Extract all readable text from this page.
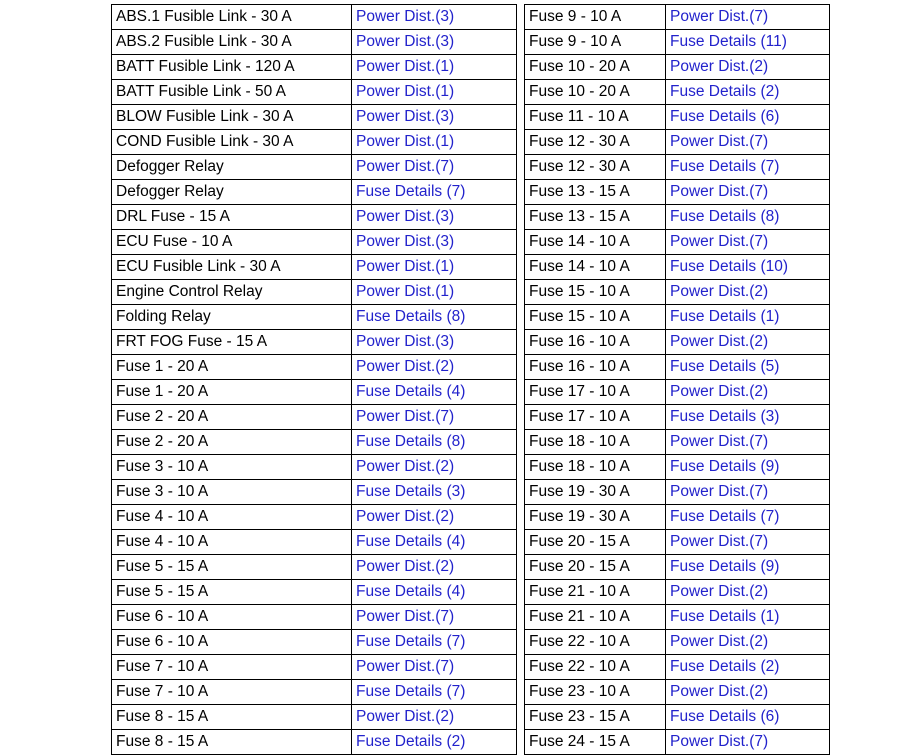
ABS.1 Fusible Link - 30 A	Power Dist.(3)
ABS.2 Fusible Link - 30 A	Power Dist.(3)
BATT Fusible Link - 120 A	Power Dist.(1)
BATT Fusible Link - 50 A	Power Dist.(1)
BLOW Fusible Link - 30 A	Power Dist.(3)
COND Fusible Link - 30 A	Power Dist.(1)
Defogger Relay	Power Dist.(7)
Defogger Relay	Fuse Details (7)
DRL Fuse - 15 A	Power Dist.(3)
ECU Fuse - 10 A	Power Dist.(3)
ECU Fusible Link - 30 A	Power Dist.(1)
Engine Control Relay	Power Dist.(1)
Folding Relay	Fuse Details (8)
FRT FOG Fuse - 15 A	Power Dist.(3)
Fuse 1 - 20 A	Power Dist.(2)
Fuse 1 - 20 A	Fuse Details (4)
Fuse 2 - 20 A	Power Dist.(7)
Fuse 2 - 20 A	Fuse Details (8)
Fuse 3 - 10 A	Power Dist.(2)
Fuse 3 - 10 A	Fuse Details (3)
Fuse 4 - 10 A	Power Dist.(2)
Fuse 4 - 10 A	Fuse Details (4)
Fuse 5 - 15 A	Power Dist.(2)
Fuse 5 - 15 A	Fuse Details (4)
Fuse 6 - 10 A	Power Dist.(7)
Fuse 6 - 10 A	Fuse Details (7)
Fuse 7 - 10 A	Power Dist.(7)
Fuse 7 - 10 A	Fuse Details (7)
Fuse 8 - 15 A	Power Dist.(2)
Fuse 8 - 15 A	Fuse Details (2)
Fuse 9 - 10 A	Power Dist.(7)
Fuse 9 - 10 A	Fuse Details (11)
Fuse 10 - 20 A	Power Dist.(2)
Fuse 10 - 20 A	Fuse Details (2)
Fuse 11 - 10 A	Fuse Details (6)
Fuse 12 - 30 A	Power Dist.(7)
Fuse 12 - 30 A	Fuse Details (7)
Fuse 13 - 15 A	Power Dist.(7)
Fuse 13 - 15 A	Fuse Details (8)
Fuse 14 - 10 A	Power Dist.(7)
Fuse 14 - 10 A	Fuse Details (10)
Fuse 15 - 10 A	Power Dist.(2)
Fuse 15 - 10 A	Fuse Details (1)
Fuse 16 - 10 A	Power Dist.(2)
Fuse 16 - 10 A	Fuse Details (5)
Fuse 17 - 10 A	Power Dist.(2)
Fuse 17 - 10 A	Fuse Details (3)
Fuse 18 - 10 A	Power Dist.(7)
Fuse 18 - 10 A	Fuse Details (9)
Fuse 19 - 30 A	Power Dist.(7)
Fuse 19 - 30 A	Fuse Details (7)
Fuse 20 - 15 A	Power Dist.(7)
Fuse 20 - 15 A	Fuse Details (9)
Fuse 21 - 10 A	Power Dist.(2)
Fuse 21 - 10 A	Fuse Details (1)
Fuse 22 - 10 A	Power Dist.(2)
Fuse 22 - 10 A	Fuse Details (2)
Fuse 23 - 10 A	Power Dist.(2)
Fuse 23 - 15 A	Fuse Details (6)
Fuse 24 - 15 A	Power Dist.(7)
